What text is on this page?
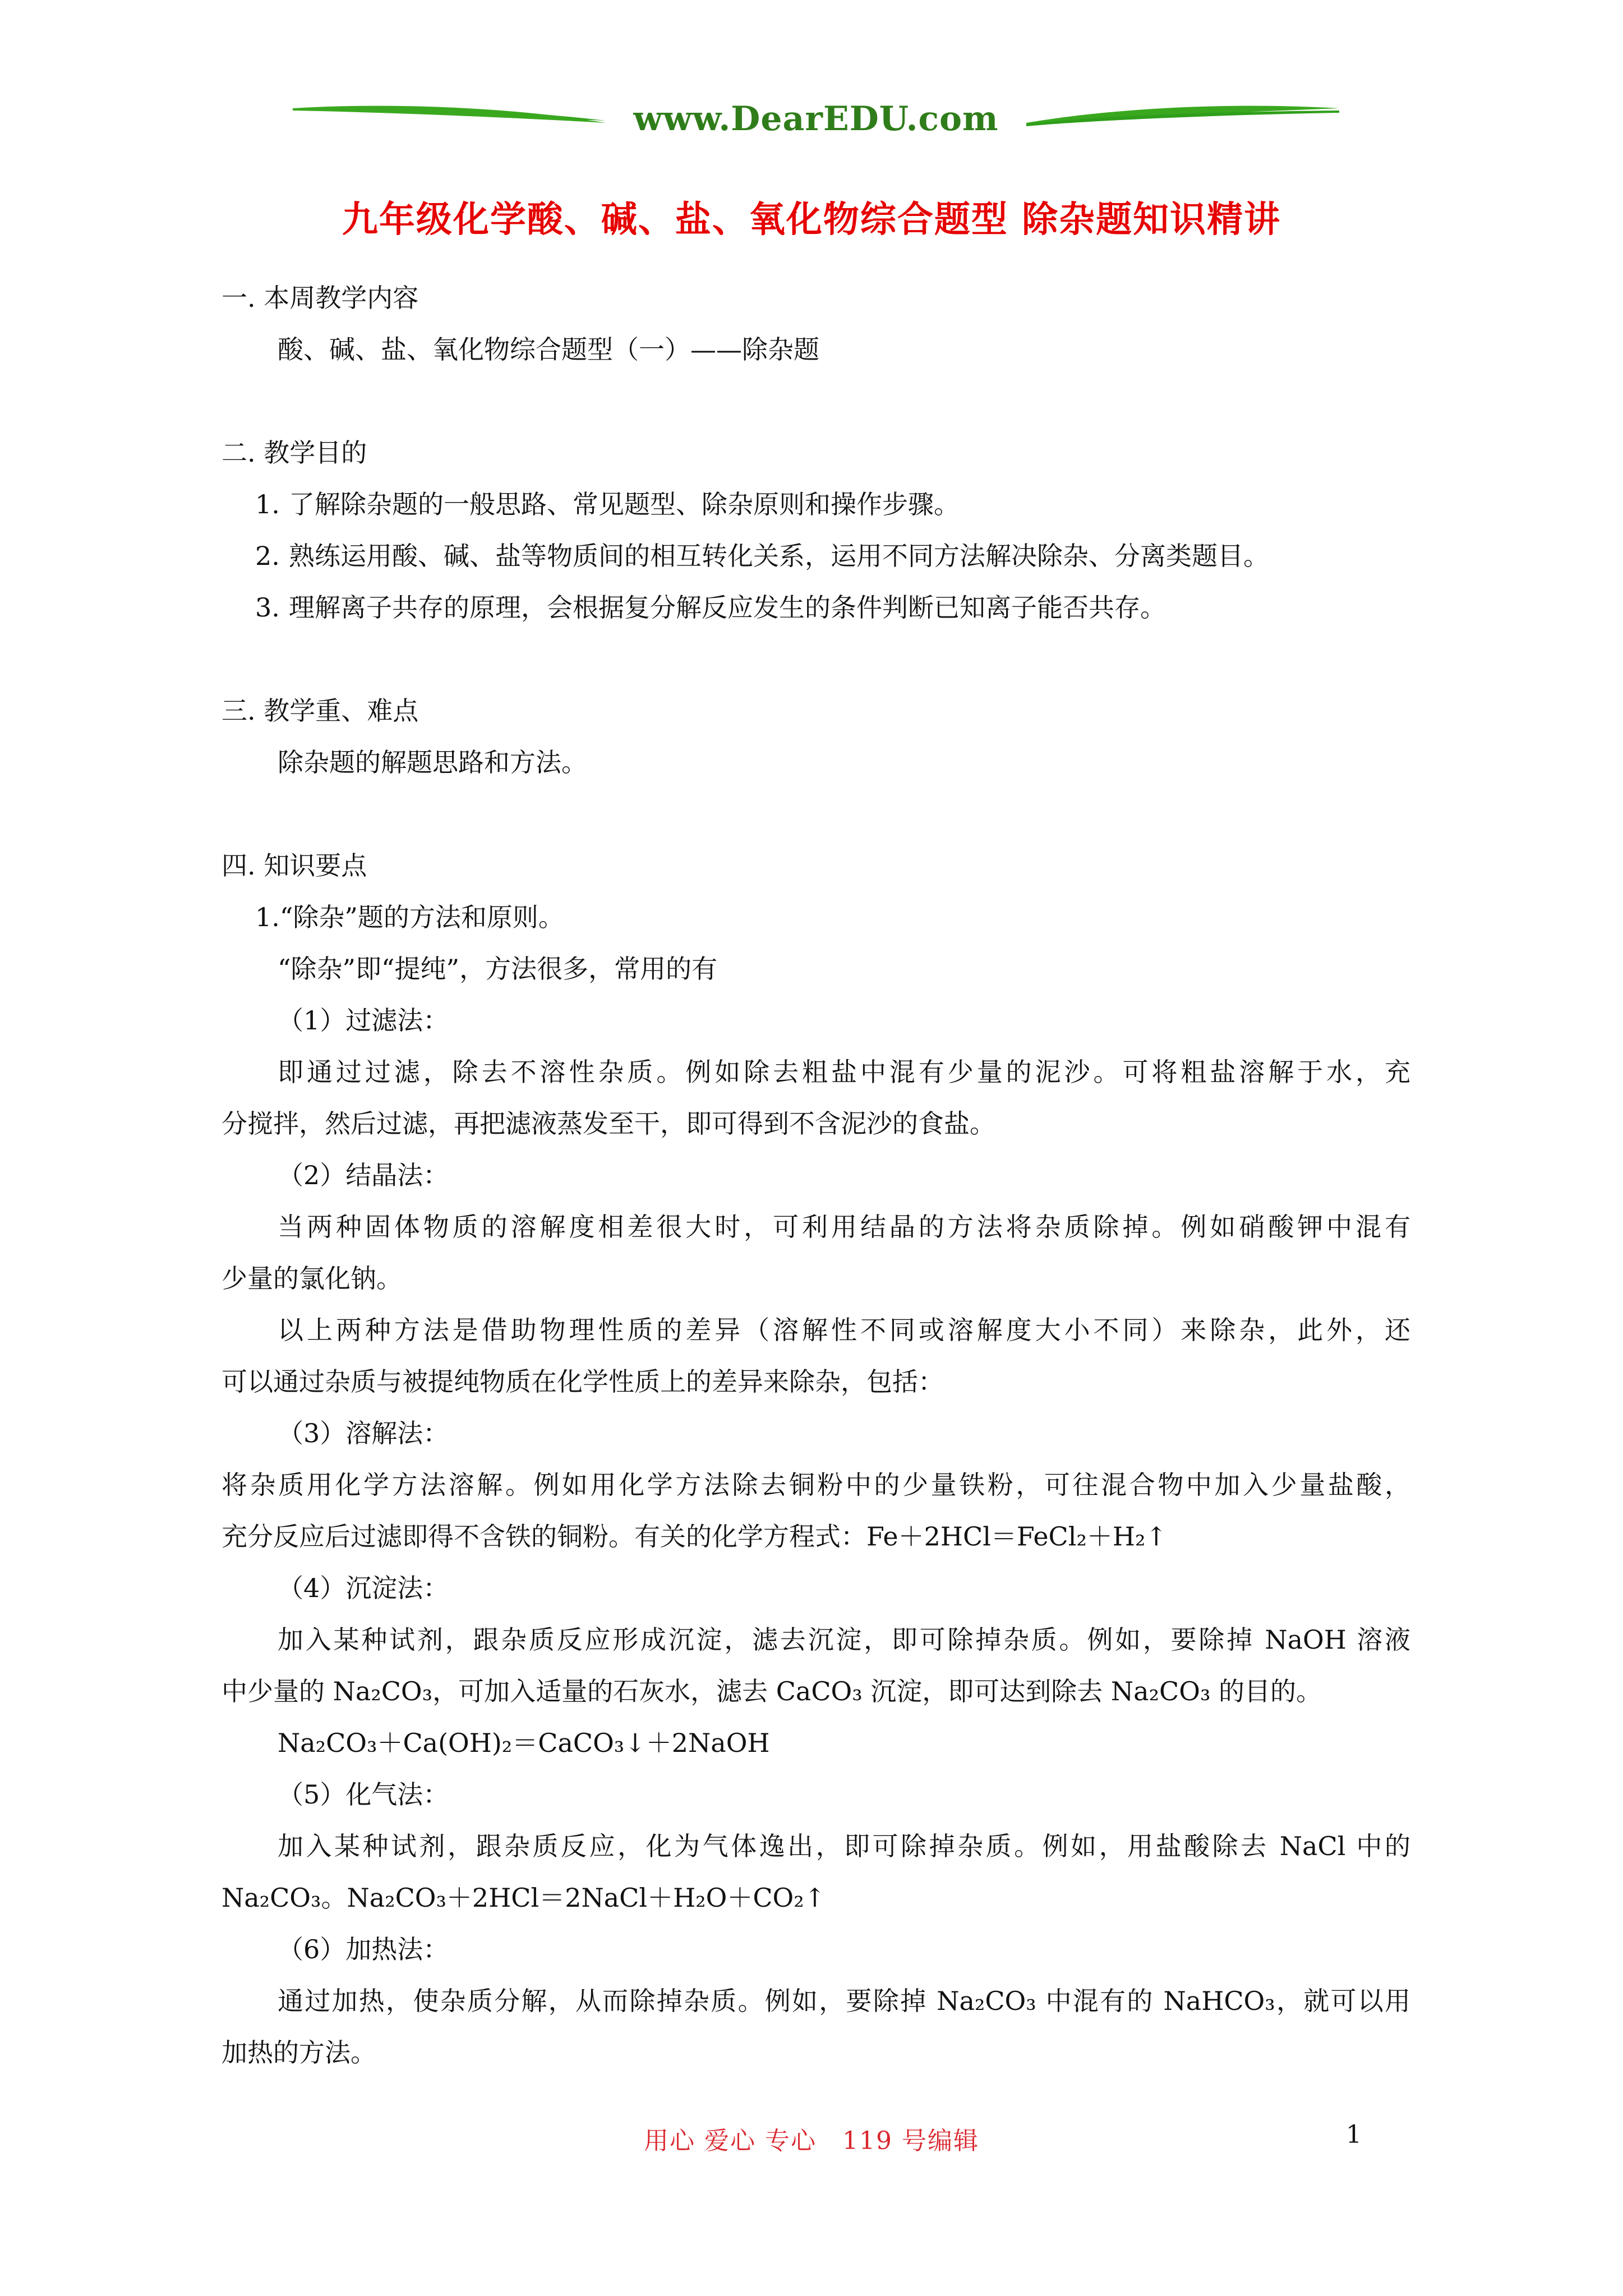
www.DearEDU.com
九年级化学酸、碱、盐、氧化物综合题型 除杂题知识精讲
一. 本周教学内容
酸、碱、盐、氧化物综合题型（一）——除杂题
二. 教学目的
1. 了解除杂题的一般思路、常见题型、除杂原则和操作步骤。
2. 熟练运用酸、碱、盐等物质间的相互转化关系，运用不同方法解决除杂、分离类题目。
3. 理解离子共存的原理，会根据复分解反应发生的条件判断已知离子能否共存。
三. 教学重、难点
除杂题的解题思路和方法。
四. 知识要点
1.“除杂”题的方法和原则。
“除杂”即“提纯”，方法很多，常用的有
（1）过滤法：
即通过过滤，除去不溶性杂质。例如除去粗盐中混有少量的泥沙。可将粗盐溶解于水，充
分搅拌，然后过滤，再把滤液蒸发至干，即可得到不含泥沙的食盐。
（2）结晶法：
当两种固体物质的溶解度相差很大时，可利用结晶的方法将杂质除掉。例如硝酸钾中混有
少量的氯化钠。
以上两种方法是借助物理性质的差异（溶解性不同或溶解度大小不同）来除杂，此外，还
可以通过杂质与被提纯物质在化学性质上的差异来除杂，包括：
（3）溶解法：
将杂质用化学方法溶解。例如用化学方法除去铜粉中的少量铁粉，可往混合物中加入少量盐酸，
充分反应后过滤即得不含铁的铜粉。有关的化学方程式：Fe＋2HCl＝FeCl₂＋H₂↑
（4）沉淀法：
加入某种试剂，跟杂质反应形成沉淀，滤去沉淀，即可除掉杂质。例如，要除掉 NaOH 溶液
中少量的 Na₂CO₃，可加入适量的石灰水，滤去 CaCO₃ 沉淀，即可达到除去 Na₂CO₃ 的目的。
Na₂CO₃＋Ca(OH)₂＝CaCO₃↓＋2NaOH
（5）化气法：
加入某种试剂，跟杂质反应，化为气体逸出，即可除掉杂质。例如，用盐酸除去 NaCl 中的
Na₂CO₃。Na₂CO₃＋2HCl＝2NaCl＋H₂O＋CO₂↑
（6）加热法：
通过加热，使杂质分解，从而除掉杂质。例如，要除掉 Na₂CO₃ 中混有的 NaHCO₃，就可以用
加热的方法。
用心 爱心 专心　119 号编辑	1
